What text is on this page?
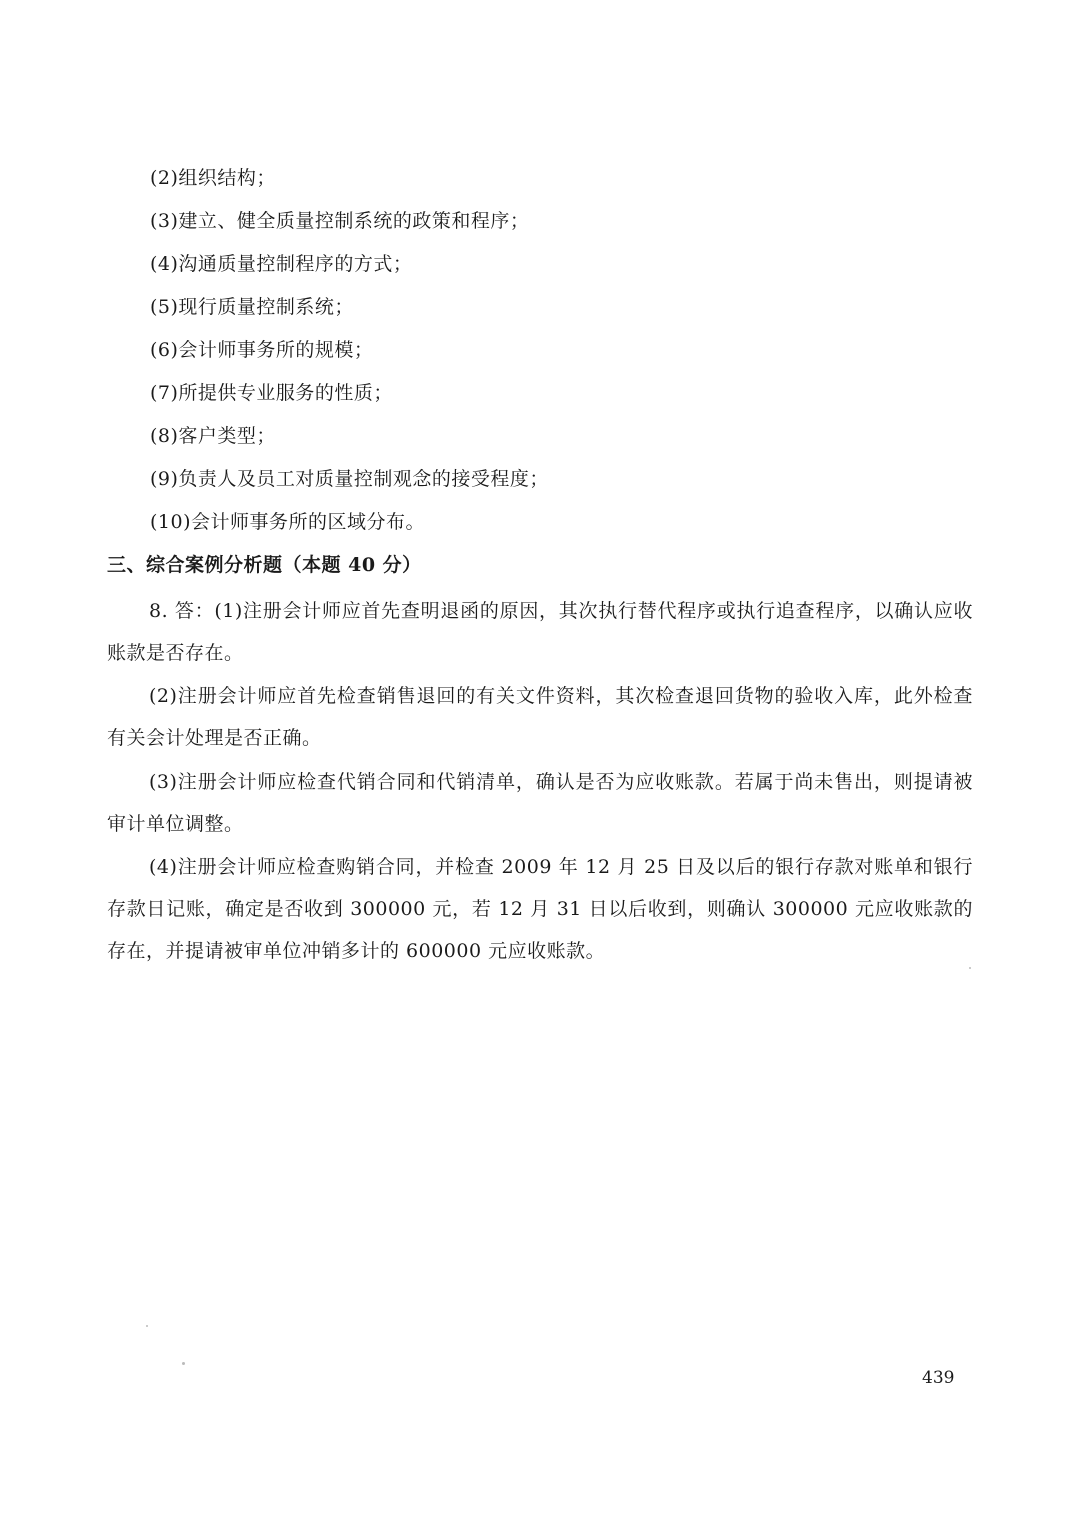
(2)组织结构；
(3)建立、健全质量控制系统的政策和程序；
(4)沟通质量控制程序的方式；
(5)现行质量控制系统；
(6)会计师事务所的规模；
(7)所提供专业服务的性质；
(8)客户类型；
(9)负责人及员工对质量控制观念的接受程度；
(10)会计师事务所的区域分布。
三、综合案例分析题（本题 40 分）
8. 答：(1)注册会计师应首先查明退函的原因，其次执行替代程序或执行追查程序，以确认应收账款是否存在。
(2)注册会计师应首先检查销售退回的有关文件资料，其次检查退回货物的验收入库，此外检查有关会计处理是否正确。
(3)注册会计师应检查代销合同和代销清单，确认是否为应收账款。若属于尚未售出，则提请被审计单位调整。
(4)注册会计师应检查购销合同，并检查 2009 年 12 月 25 日及以后的银行存款对账单和银行存款日记账，确定是否收到 300000 元，若 12 月 31 日以后收到，则确认 300000 元应收账款的存在，并提请被审单位冲销多计的 600000 元应收账款。
439
